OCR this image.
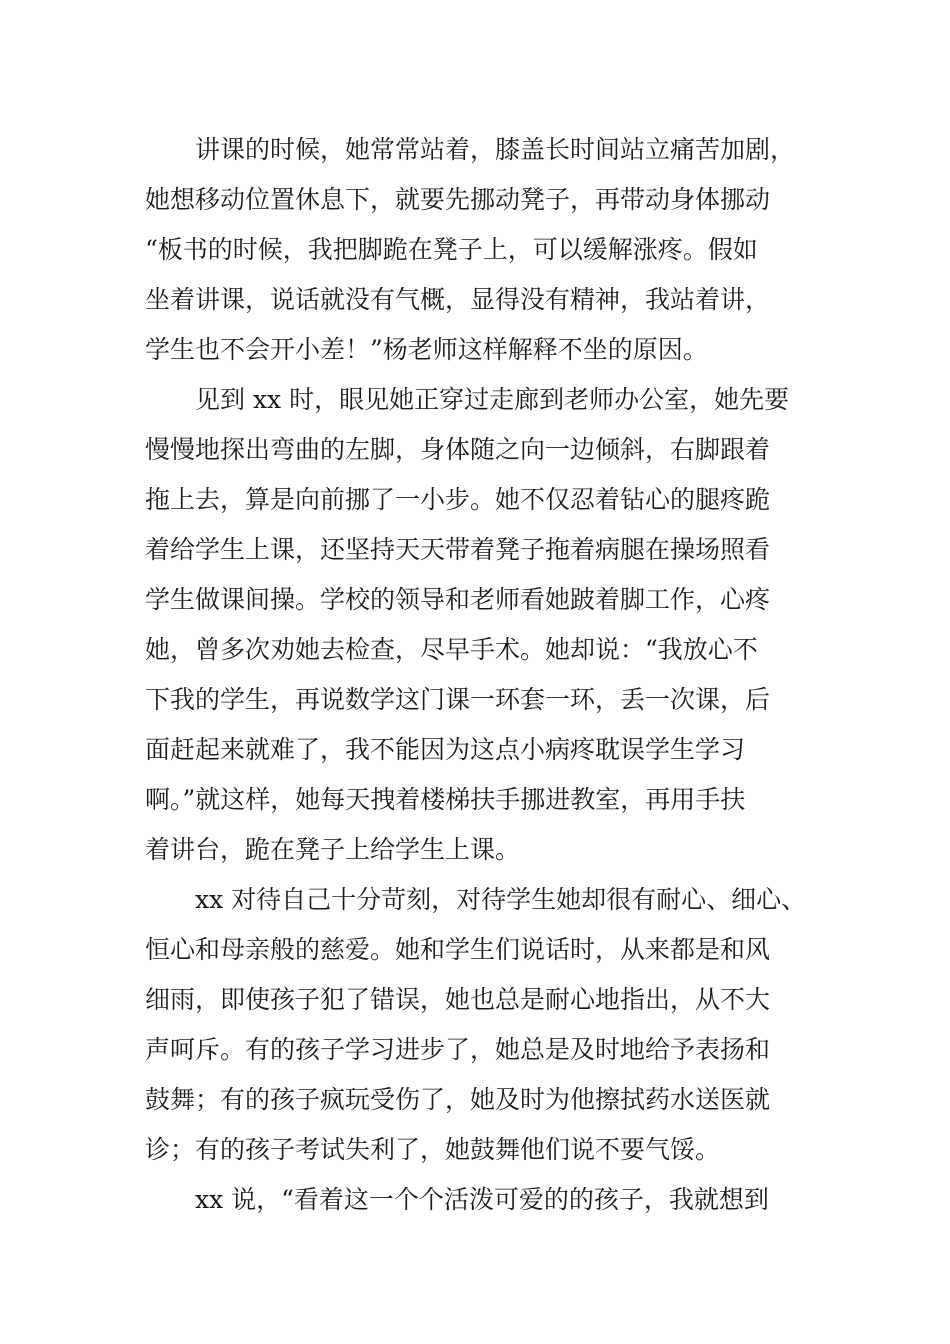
讲课的时候，她常常站着，膝盖长时间站立痛苦加剧，
她想移动位置休息下，就要先挪动凳子，再带动身体挪动
“板书的时候，我把脚跪在凳子上，可以缓解涨疼。假如
坐着讲课，说话就没有气概，显得没有精神，我站着讲，
学生也不会开小差！”杨老师这样解释不坐的原因。
见到 xx 时，眼见她正穿过走廊到老师办公室，她先要
慢慢地探出弯曲的左脚，身体随之向一边倾斜，右脚跟着
拖上去，算是向前挪了一小步。她不仅忍着钻心的腿疼跪
着给学生上课，还坚持天天带着凳子拖着病腿在操场照看
学生做课间操。学校的领导和老师看她跛着脚工作，心疼
她，曾多次劝她去检查，尽早手术。她却说：“我放心不
下我的学生，再说数学这门课一环套一环，丢一次课，后
面赶起来就难了，我不能因为这点小病疼耽误学生学习
啊。”就这样，她每天拽着楼梯扶手挪进教室，再用手扶
着讲台，跪在凳子上给学生上课。
xx 对待自己十分苛刻，对待学生她却很有耐心、细心、
恒心和母亲般的慈爱。她和学生们说话时，从来都是和风
细雨，即使孩子犯了错误，她也总是耐心地指出，从不大
声呵斥。有的孩子学习进步了，她总是及时地给予表扬和
鼓舞；有的孩子疯玩受伤了，她及时为他擦拭药水送医就
诊；有的孩子考试失利了，她鼓舞他们说不要气馁。
xx 说，“看着这一个个活泼可爱的的孩子，我就想到
